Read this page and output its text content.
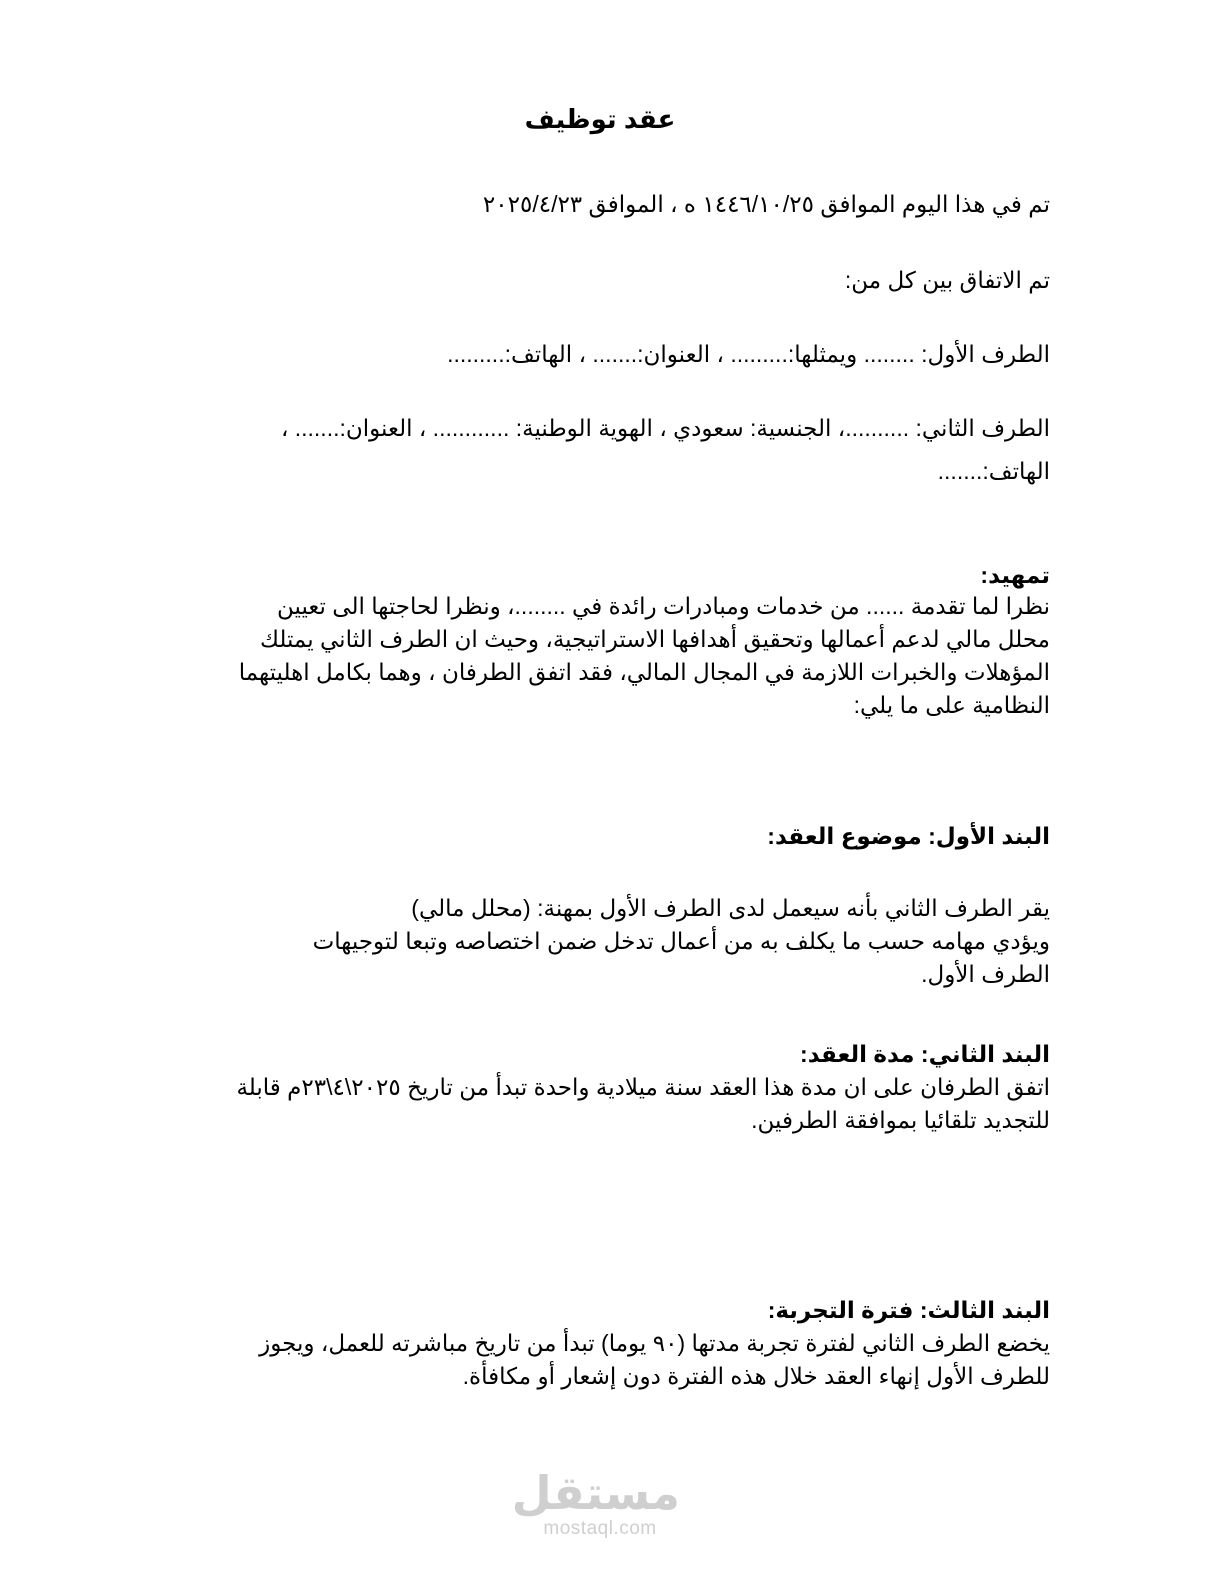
عقد توظيف

تم في هذا اليوم الموافق ١٤٤٦/١٠/٢٥ ه ، الموافق ٢٠٢٥/٤/٢٣

تم الاتفاق بين كل من:

الطرف الأول: ........ ويمثلها:......... ، العنوان:....... ، الهاتف:.........

الطرف الثاني: ..........، الجنسية: سعودي ، الهوية الوطنية: ............ ، العنوان:....... ،
الهاتف:.......
تمهيد:
نظرا لما تقدمة ...... من خدمات ومبادرات رائدة في ........، ونظرا لحاجتها الى تعيين
محلل مالي لدعم أعمالها وتحقيق أهدافها الاستراتيجية، وحيث ان الطرف الثاني يمتلك
المؤهلات والخبرات اللازمة في المجال المالي، فقد اتفق الطرفان ، وهما بكامل اهليتهما
النظامية على ما يلي:

البند الأول: موضوع العقد:

يقر الطرف الثاني بأنه سيعمل لدى الطرف الأول بمهنة: (محلل مالي)
ويؤدي مهامه حسب ما يكلف به من أعمال تدخل ضمن اختصاصه وتبعا لتوجيهات
الطرف الأول.
البند الثاني: مدة العقد:
اتفق الطرفان على ان مدة هذا العقد سنة ميلادية واحدة تبدأ من تاريخ ٢٠٢٥\٤\٢٣م قابلة
للتجديد تلقائيا بموافقة الطرفين.
البند الثالث: فترة التجربة:
يخضع الطرف الثاني لفترة تجربة مدتها (٩٠ يوما) تبدأ من تاريخ مباشرته للعمل، ويجوز
للطرف الأول إنهاء العقد خلال هذه الفترة دون إشعار أو مكافأة.
مستقل
mostaql.com
